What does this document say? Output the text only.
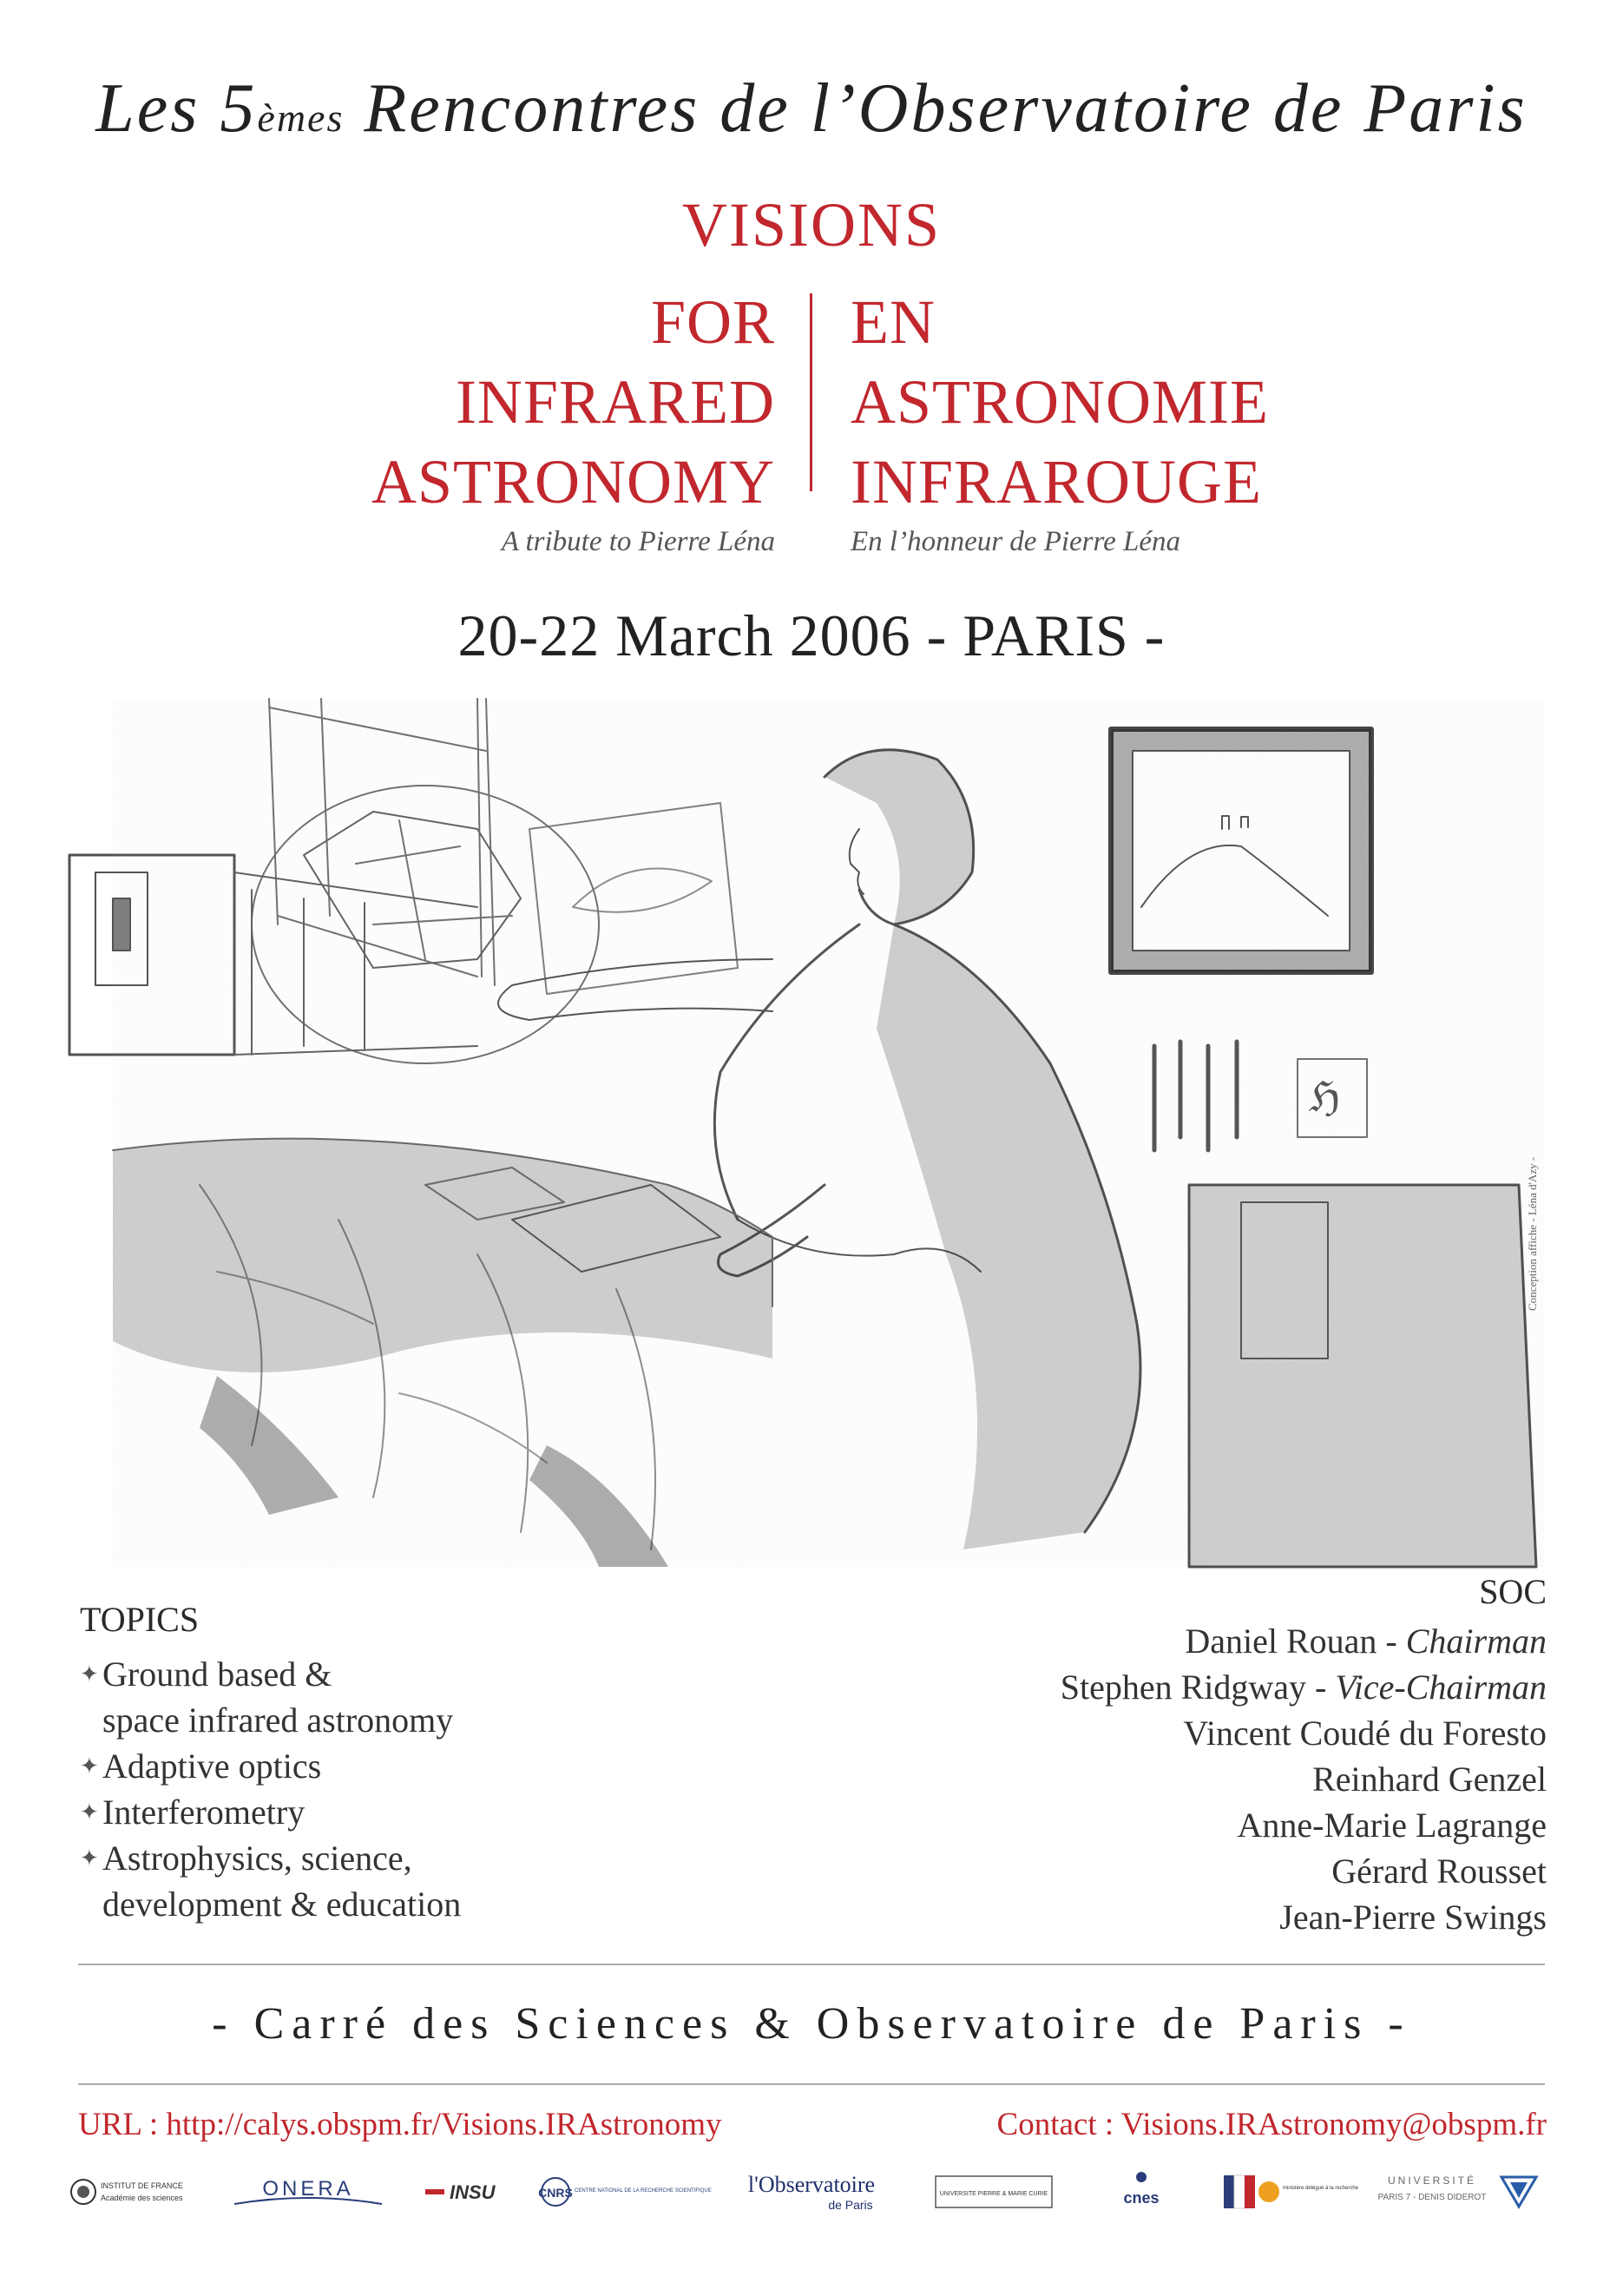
Les 5èmes Rencontres de l’Observatoire de Paris
VISIONS
FOR
INFRARED
ASTRONOMY
EN
ASTRONOMIE
INFRAROUGE
A tribute to Pierre Léna	En l’honneur de Pierre Léna
20-22 March 2006 - PARIS -
ℌ
Conception affiche - Léna d'Azy -
TOPICS
✦ Ground based &
space infrared astronomy
✦ Adaptive optics
✦ Interferometry
✦ Astrophysics, science,
development & education
SOC
Daniel Rouan - Chairman
Stephen Ridgway - Vice-Chairman
Vincent Coudé du Foresto
Reinhard Genzel
Anne-Marie Lagrange
Gérard Rousset
Jean-Pierre Swings
- Carré des Sciences & Observatoire de Paris -
URL : http://calys.obspm.fr/Visions.IRAstronomy	Contact : Visions.IRAstronomy@obspm.fr
INSTITUT DE FRANCE
Académie des sciences	ONERA	INSU	CNRS CENTRE NATIONAL DE LA RECHERCHE SCIENTIFIQUE l'Observatoire
de Paris
UNIVERSITE PIERRE & MARIE CURIE	cnes
ministère délégué à la recherche
UNIVERSITÉ
PARIS 7 - DENIS DIDEROT
